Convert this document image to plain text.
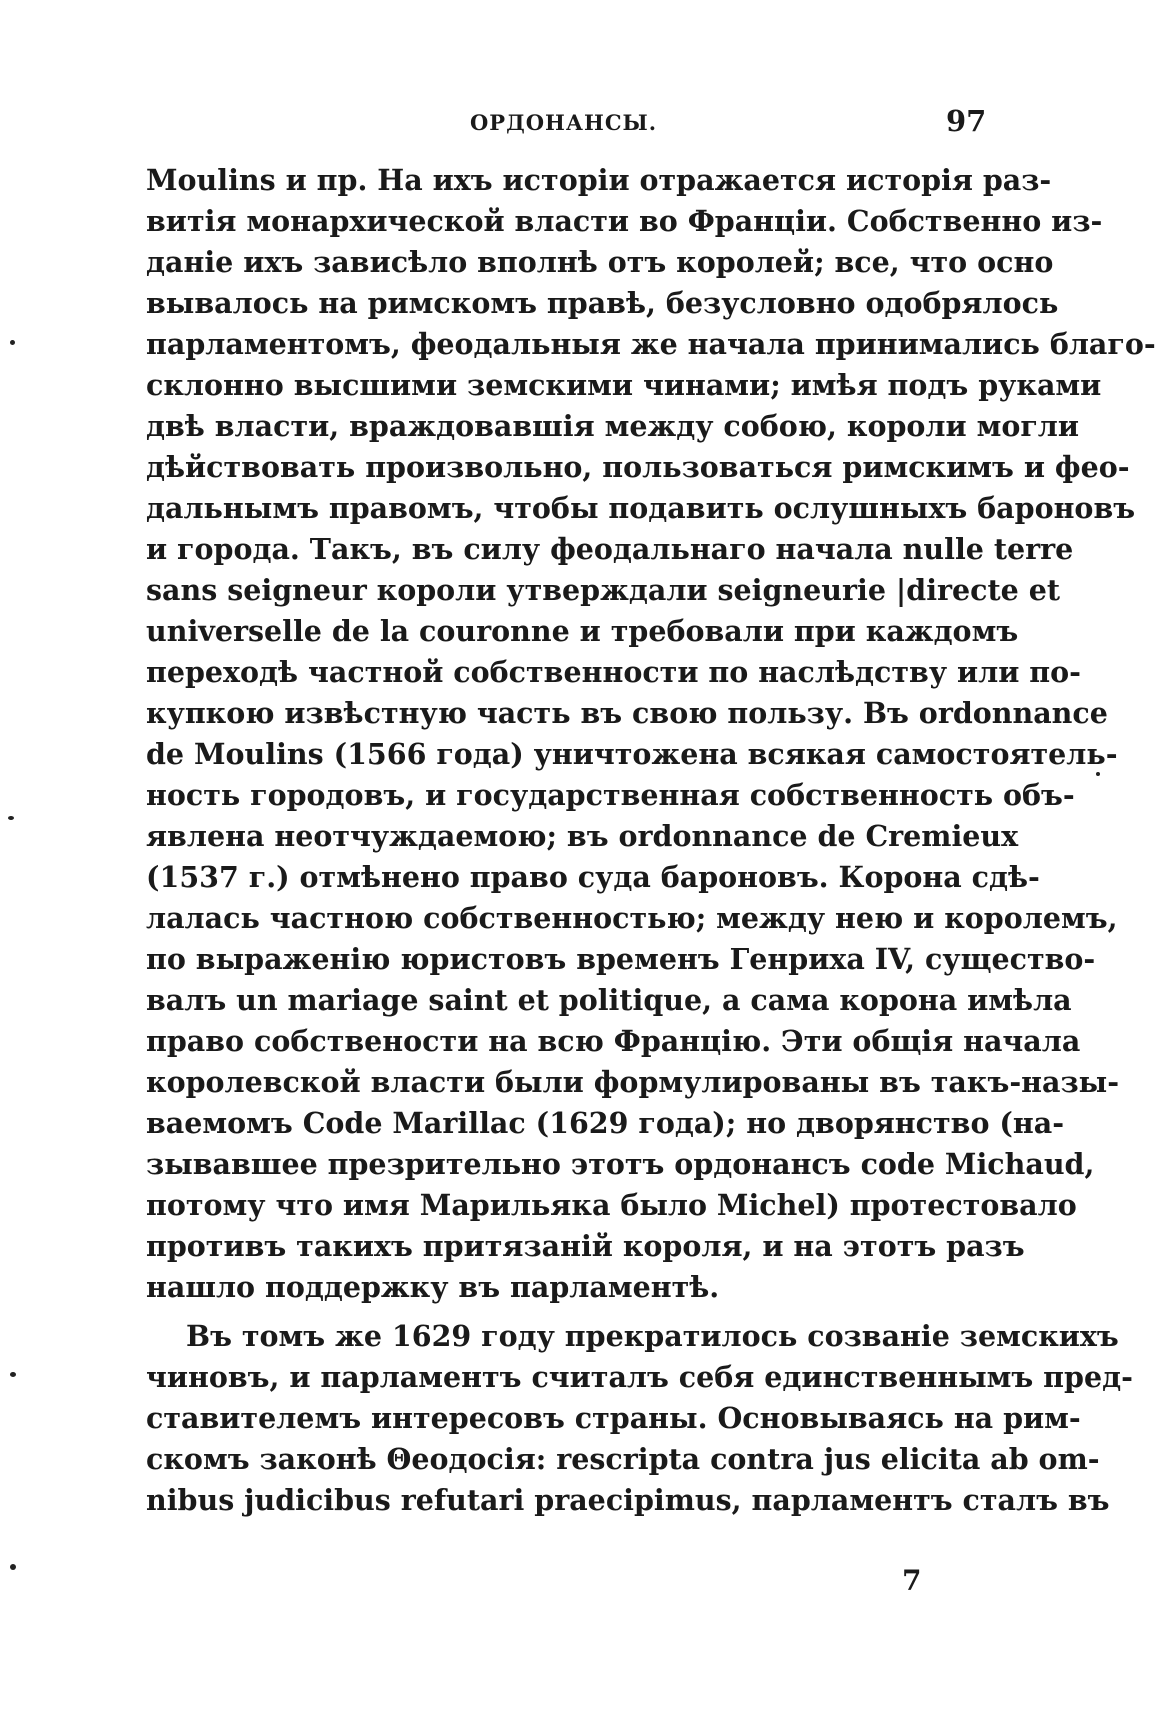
ОРДОНАНСЫ.	97
Moulins и пр. На ихъ исторіи отражается исторія раз-
витія монархической власти во Франціи. Собственно из-
даніе ихъ зависѣло вполнѣ отъ королей; все, что осно
вывалось на римскомъ правѣ, безусловно одобрялось
парламентомъ, феодальныя же начала принимались благо-
склонно высшими земскими чинами; имѣя подъ руками
двѣ власти, враждовавшія между собою, короли могли
дѣйствовать произвольно, пользоваться римскимъ и фео-
дальнымъ правомъ, чтобы подавить ослушныхъ бароновъ
и города. Такъ, въ силу феодальнаго начала nulle terre
sans seigneur короли утверждали seigneurie |directe et
universelle de la couronne и требовали при каждомъ
переходѣ частной собственности по наслѣдству или по-
купкою извѣстную часть въ свою пользу. Въ ordonnance
de Moulins (1566 года) уничтожена всякая самостоятель-
ность городовъ, и государственная собственность объ-
явлена неотчуждаемою; въ ordonnance de Cremieux
(1537 г.) отмѣнено право суда бароновъ. Корона сдѣ-
лалась частною собственностью; между нею и королемъ,
по выраженію юристовъ временъ Генриха IV, существо-
валъ un mariage saint et politique, а сама корона имѣла
право собствености на всю Францію. Эти общія начала
королевской власти были формулированы въ такъ-назы-
ваемомъ Code Marillac (1629 года); но дворянство (на-
зывавшее презрительно этотъ ордонансъ code Michaud,
потому что имя Марильяка было Michel) протестовало
противъ такихъ притязаній короля, и на этотъ разъ
нашло поддержку въ парламентѣ.
Въ томъ же 1629 году прекратилось созваніе земскихъ
чиновъ, и парламентъ считалъ себя единственнымъ пред-
ставителемъ интересовъ страны. Основываясь на рим-
скомъ законѣ Θеодосія: rescripta contra jus elicita ab om-
nibus judicibus refutari praecipimus, парламентъ сталъ въ
7
